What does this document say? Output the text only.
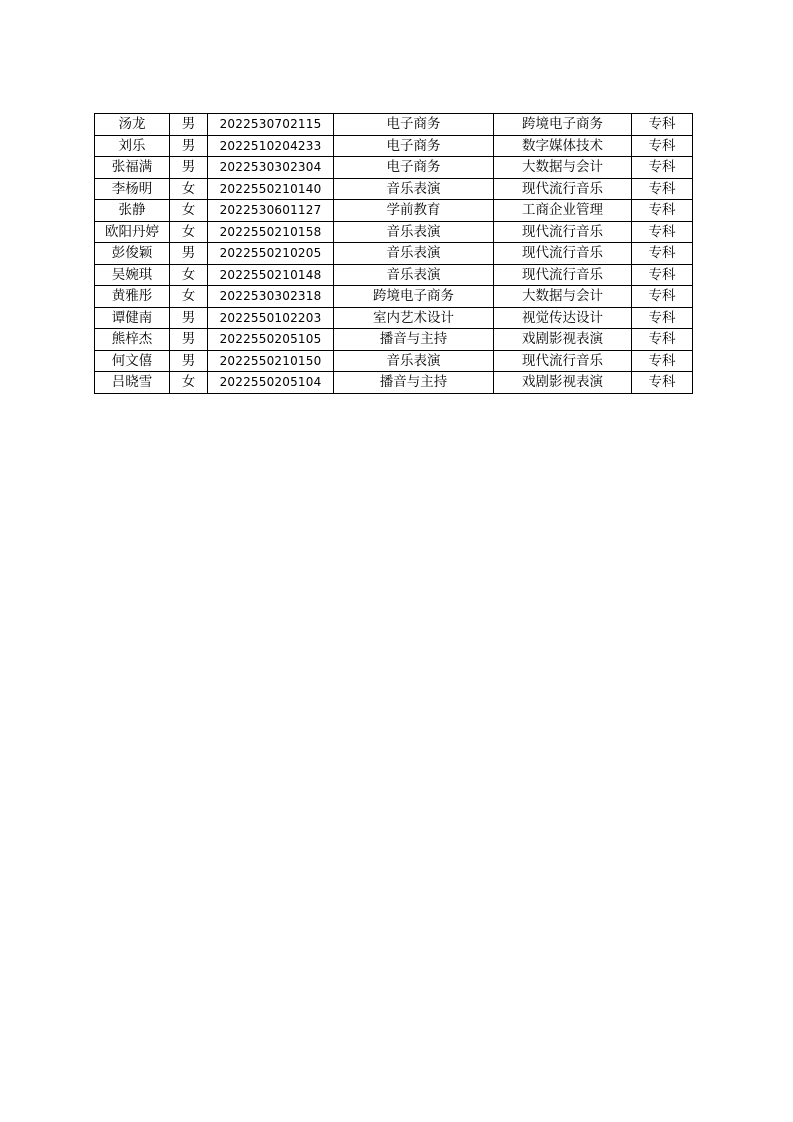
汤龙	男	2022530702115	电子商务	跨境电子商务	专科
刘乐	男	2022510204233	电子商务	数字媒体技术	专科
张福满	男	2022530302304	电子商务	大数据与会计	专科
李杨明	女	2022550210140	音乐表演	现代流行音乐	专科
张静	女	2022530601127	学前教育	工商企业管理	专科
欧阳丹婷	女	2022550210158	音乐表演	现代流行音乐	专科
彭俊颖	男	2022550210205	音乐表演	现代流行音乐	专科
吴婉琪	女	2022550210148	音乐表演	现代流行音乐	专科
黄雅彤	女	2022530302318	跨境电子商务	大数据与会计	专科
谭健南	男	2022550102203	室内艺术设计	视觉传达设计	专科
熊梓杰	男	2022550205105	播音与主持	戏剧影视表演	专科
何文僖	男	2022550210150	音乐表演	现代流行音乐	专科
吕晓雪	女	2022550205104	播音与主持	戏剧影视表演	专科
